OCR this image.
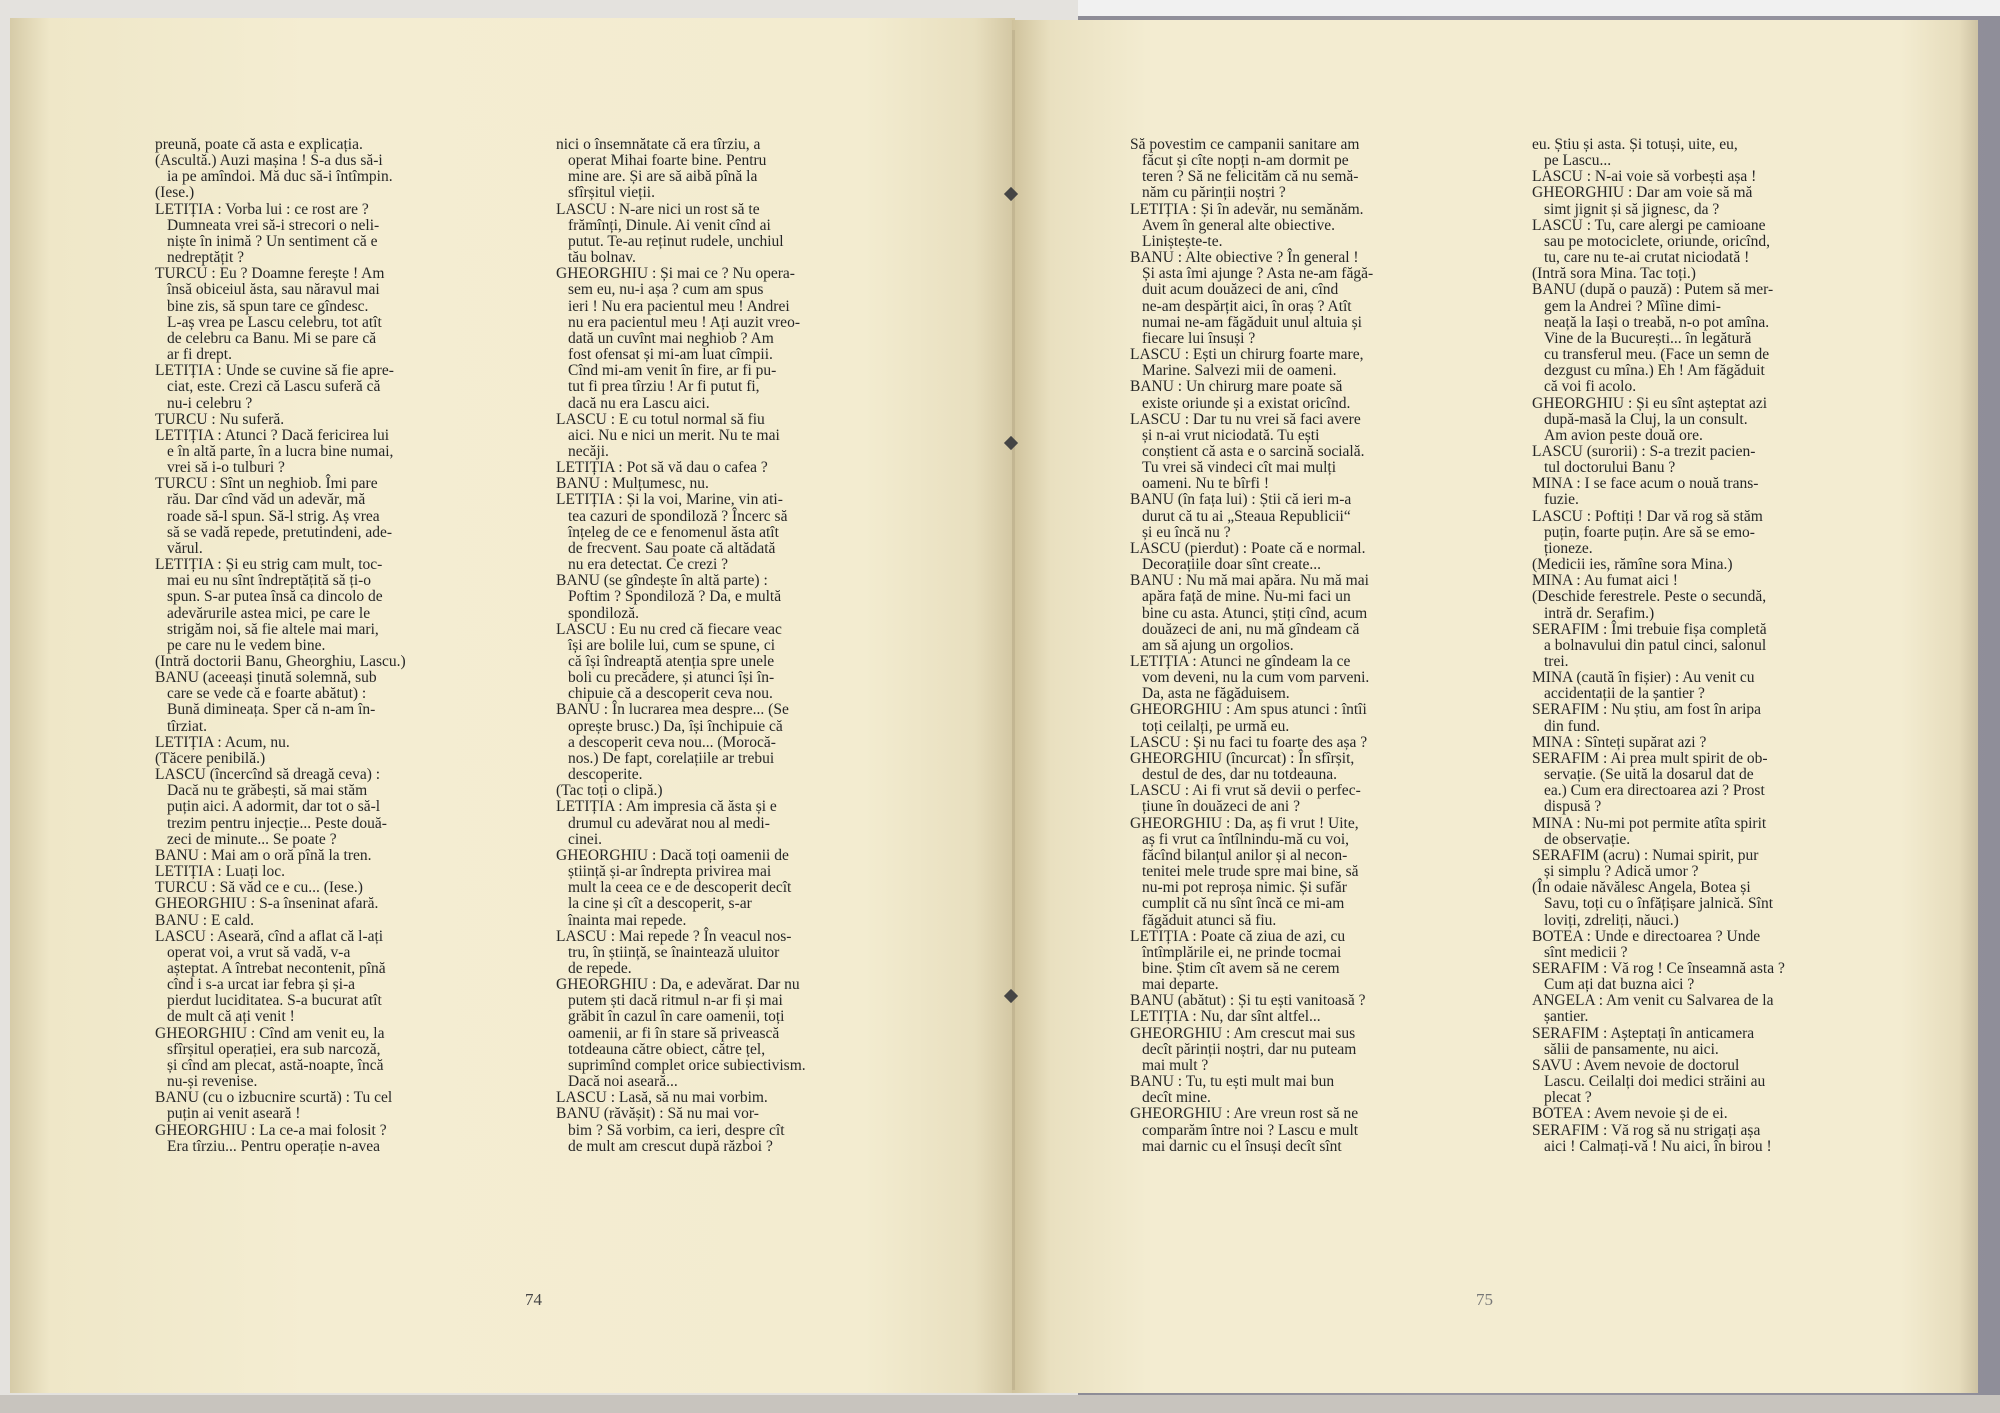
preună, poate că asta e explicația.
(Ascultă.) Auzi mașina ! S-a dus să-i
ia pe amîndoi. Mă duc să-i întîmpin.
(Iese.)
LETIȚIA : Vorba lui : ce rost are ?
Dumneata vrei să-i strecori o neli-
niște în inimă ? Un sentiment că e
nedreptățit ?
TURCU : Eu ? Doamne ferește ! Am
însă obiceiul ăsta, sau năravul mai
bine zis, să spun tare ce gîndesc.
L-aș vrea pe Lascu celebru, tot atît
de celebru ca Banu. Mi se pare că
ar fi drept.
LETIȚIA : Unde se cuvine să fie apre-
ciat, este. Crezi că Lascu suferă că
nu-i celebru ?
TURCU : Nu suferă.
LETIȚIA : Atunci ? Dacă fericirea lui
e în altă parte, în a lucra bine numai,
vrei să i-o tulburi ?
TURCU : Sînt un neghiob. Îmi pare
rău. Dar cînd văd un adevăr, mă
roade să-l spun. Să-l strig. Aș vrea
să se vadă repede, pretutindeni, ade-
vărul.
LETIȚIA : Și eu strig cam mult, toc-
mai eu nu sînt îndreptățită să ți-o
spun. S-ar putea însă ca dincolo de
adevărurile astea mici, pe care le
strigăm noi, să fie altele mai mari,
pe care nu le vedem bine.
(Intră doctorii Banu, Gheorghiu, Lascu.)
BANU (aceeași ținută solemnă, sub
care se vede că e foarte abătut) :
Bună dimineața. Sper că n-am în-
tîrziat.
LETIȚIA : Acum, nu.
(Tăcere penibilă.)
LASCU (încercînd să dreagă ceva) :
Dacă nu te grăbești, să mai stăm
puțin aici. A adormit, dar tot o să-l
trezim pentru injecție... Peste două-
zeci de minute... Se poate ?
BANU : Mai am o oră pînă la tren.
LETIȚIA : Luați loc.
TURCU : Să văd ce e cu... (Iese.)
GHEORGHIU : S-a înseninat afară.
BANU : E cald.
LASCU : Aseară, cînd a aflat că l-ați
operat voi, a vrut să vadă, v-a
așteptat. A întrebat necontenit, pînă
cînd i s-a urcat iar febra și și-a
pierdut luciditatea. S-a bucurat atît
de mult că ați venit !
GHEORGHIU : Cînd am venit eu, la
sfîrșitul operației, era sub narcoză,
și cînd am plecat, astă-noapte, încă
nu-și revenise.
BANU (cu o izbucnire scurtă) : Tu cel
puțin ai venit aseară !
GHEORGHIU : La ce-a mai folosit ?
Era tîrziu... Pentru operație n-avea
nici o însemnătate că era tîrziu, a
operat Mihai foarte bine. Pentru
mine are. Și are să aibă pînă la
sfîrșitul vieții.
LASCU : N-are nici un rost să te
frămînți, Dinule. Ai venit cînd ai
putut. Te-au reținut rudele, unchiul
tău bolnav.
GHEORGHIU : Și mai ce ? Nu opera-
sem eu, nu-i așa ? cum am spus
ieri ! Nu era pacientul meu ! Andrei
nu era pacientul meu ! Ați auzit vreo-
dată un cuvînt mai neghiob ? Am
fost ofensat și mi-am luat cîmpii.
Cînd mi-am venit în fire, ar fi pu-
tut fi prea tîrziu ! Ar fi putut fi,
dacă nu era Lascu aici.
LASCU : E cu totul normal să fiu
aici. Nu e nici un merit. Nu te mai
necăji.
LETIȚIA : Pot să vă dau o cafea ?
BANU : Mulțumesc, nu.
LETIȚIA : Și la voi, Marine, vin ati-
tea cazuri de spondiloză ? Încerc să
înțeleg de ce e fenomenul ăsta atît
de frecvent. Sau poate că altădată
nu era detectat. Ce crezi ?
BANU (se gîndește în altă parte) :
Poftim ? Spondiloză ? Da, e multă
spondiloză.
LASCU : Eu nu cred că fiecare veac
își are bolile lui, cum se spune, ci
că își îndreaptă atenția spre unele
boli cu precădere, și atunci își în-
chipuie că a descoperit ceva nou.
BANU : În lucrarea mea despre... (Se
oprește brusc.) Da, își închipuie că
a descoperit ceva nou... (Morocă-
nos.) De fapt, corelațiile ar trebui
descoperite.
(Tac toți o clipă.)
LETIȚIA : Am impresia că ăsta și e
drumul cu adevărat nou al medi-
cinei.
GHEORGHIU : Dacă toți oamenii de
știință și-ar îndrepta privirea mai
mult la ceea ce e de descoperit decît
la cine și cît a descoperit, s-ar
înainta mai repede.
LASCU : Mai repede ? În veacul nos-
tru, în știință, se înaintează uluitor
de repede.
GHEORGHIU : Da, e adevărat. Dar nu
putem ști dacă ritmul n-ar fi și mai
grăbit în cazul în care oamenii, toți
oamenii, ar fi în stare să privească
totdeauna către obiect, către țel,
suprimînd complet orice subiectivism.
Dacă noi aseară...
LASCU : Lasă, să nu mai vorbim.
BANU (răvășit) : Să nu mai vor-
bim ? Să vorbim, ca ieri, despre cît
de mult am crescut după război ?
Să povestim ce campanii sanitare am
făcut și cîte nopți n-am dormit pe
teren ? Să ne felicităm că nu semă-
năm cu părinții noștri ?
LETIȚIA : Și în adevăr, nu semănăm.
Avem în general alte obiective.
Liniștește-te.
BANU : Alte obiective ? În general !
Și asta îmi ajunge ? Asta ne-am făgă-
duit acum douăzeci de ani, cînd
ne-am despărțit aici, în oraș ? Atît
numai ne-am făgăduit unul altuia și
fiecare lui însuși ?
LASCU : Ești un chirurg foarte mare,
Marine. Salvezi mii de oameni.
BANU : Un chirurg mare poate să
existe oriunde și a existat oricînd.
LASCU : Dar tu nu vrei să faci avere
și n-ai vrut niciodată. Tu ești
conștient că asta e o sarcină socială.
Tu vrei să vindeci cît mai mulți
oameni. Nu te bîrfi !
BANU (în fața lui) : Știi că ieri m-a
durut că tu ai „Steaua Republicii“
și eu încă nu ?
LASCU (pierdut) : Poate că e normal.
Decorațiile doar sînt create...
BANU : Nu mă mai apăra. Nu mă mai
apăra față de mine. Nu-mi faci un
bine cu asta. Atunci, știți cînd, acum
douăzeci de ani, nu mă gîndeam că
am să ajung un orgolios.
LETIȚIA : Atunci ne gîndeam la ce
vom deveni, nu la cum vom parveni.
Da, asta ne făgăduisem.
GHEORGHIU : Am spus atunci : întîi
toți ceilalți, pe urmă eu.
LASCU : Și nu faci tu foarte des așa ?
GHEORGHIU (încurcat) : În sfîrșit,
destul de des, dar nu totdeauna.
LASCU : Ai fi vrut să devii o perfec-
țiune în douăzeci de ani ?
GHEORGHIU : Da, aș fi vrut ! Uite,
aș fi vrut ca întîlnindu-mă cu voi,
făcînd bilanțul anilor și al necon-
tenitei mele trude spre mai bine, să
nu-mi pot reproșa nimic. Și sufăr
cumplit că nu sînt încă ce mi-am
făgăduit atunci să fiu.
LETIȚIA : Poate că ziua de azi, cu
întîmplările ei, ne prinde tocmai
bine. Știm cît avem să ne cerem
mai departe.
BANU (abătut) : Și tu ești vanitoasă ?
LETIȚIA : Nu, dar sînt altfel...
GHEORGHIU : Am crescut mai sus
decît părinții noștri, dar nu puteam
mai mult ?
BANU : Tu, tu ești mult mai bun
decît mine.
GHEORGHIU : Are vreun rost să ne
comparăm între noi ? Lascu e mult
mai darnic cu el însuși decît sînt
eu. Știu și asta. Și totuși, uite, eu,
pe Lascu...
LASCU : N-ai voie să vorbești așa !
GHEORGHIU : Dar am voie să mă
simt jignit și să jignesc, da ?
LASCU : Tu, care alergi pe camioane
sau pe motociclete, oriunde, oricînd,
tu, care nu te-ai crutat niciodată !
(Intră sora Mina. Tac toți.)
BANU (după o pauză) : Putem să mer-
gem la Andrei ? Mîine dimi-
neață la Iași o treabă, n-o pot amîna.
Vine de la București... în legătură
cu transferul meu. (Face un semn de
dezgust cu mîna.) Eh ! Am făgăduit
că voi fi acolo.
GHEORGHIU : Și eu sînt așteptat azi
după-masă la Cluj, la un consult.
Am avion peste două ore.
LASCU (surorii) : S-a trezit pacien-
tul doctorului Banu ?
MINA : I se face acum o nouă trans-
fuzie.
LASCU : Poftiți ! Dar vă rog să stăm
puțin, foarte puțin. Are să se emo-
ționeze.
(Medicii ies, rămîne sora Mina.)
MINA : Au fumat aici !
(Deschide ferestrele. Peste o secundă,
intră dr. Serafim.)
SERAFIM : Îmi trebuie fișa completă
a bolnavului din patul cinci, salonul
trei.
MINA (caută în fișier) : Au venit cu
accidentații de la șantier ?
SERAFIM : Nu știu, am fost în aripa
din fund.
MINA : Sînteți supărat azi ?
SERAFIM : Ai prea mult spirit de ob-
servație. (Se uită la dosarul dat de
ea.) Cum era directoarea azi ? Prost
dispusă ?
MINA : Nu-mi pot permite atîta spirit
de observație.
SERAFIM (acru) : Numai spirit, pur
și simplu ? Adică umor ?
(În odaie năvălesc Angela, Botea și
Savu, toți cu o înfățișare jalnică. Sînt
loviți, zdreliți, năuci.)
BOTEA : Unde e directoarea ? Unde
sînt medicii ?
SERAFIM : Vă rog ! Ce înseamnă asta ?
Cum ați dat buzna aici ?
ANGELA : Am venit cu Salvarea de la
șantier.
SERAFIM : Așteptați în anticamera
sălii de pansamente, nu aici.
SAVU : Avem nevoie de doctorul
Lascu. Ceilalți doi medici străini au
plecat ?
BOTEA : Avem nevoie și de ei.
SERAFIM : Vă rog să nu strigați așa
aici ! Calmați-vă ! Nu aici, în birou !
74	75
